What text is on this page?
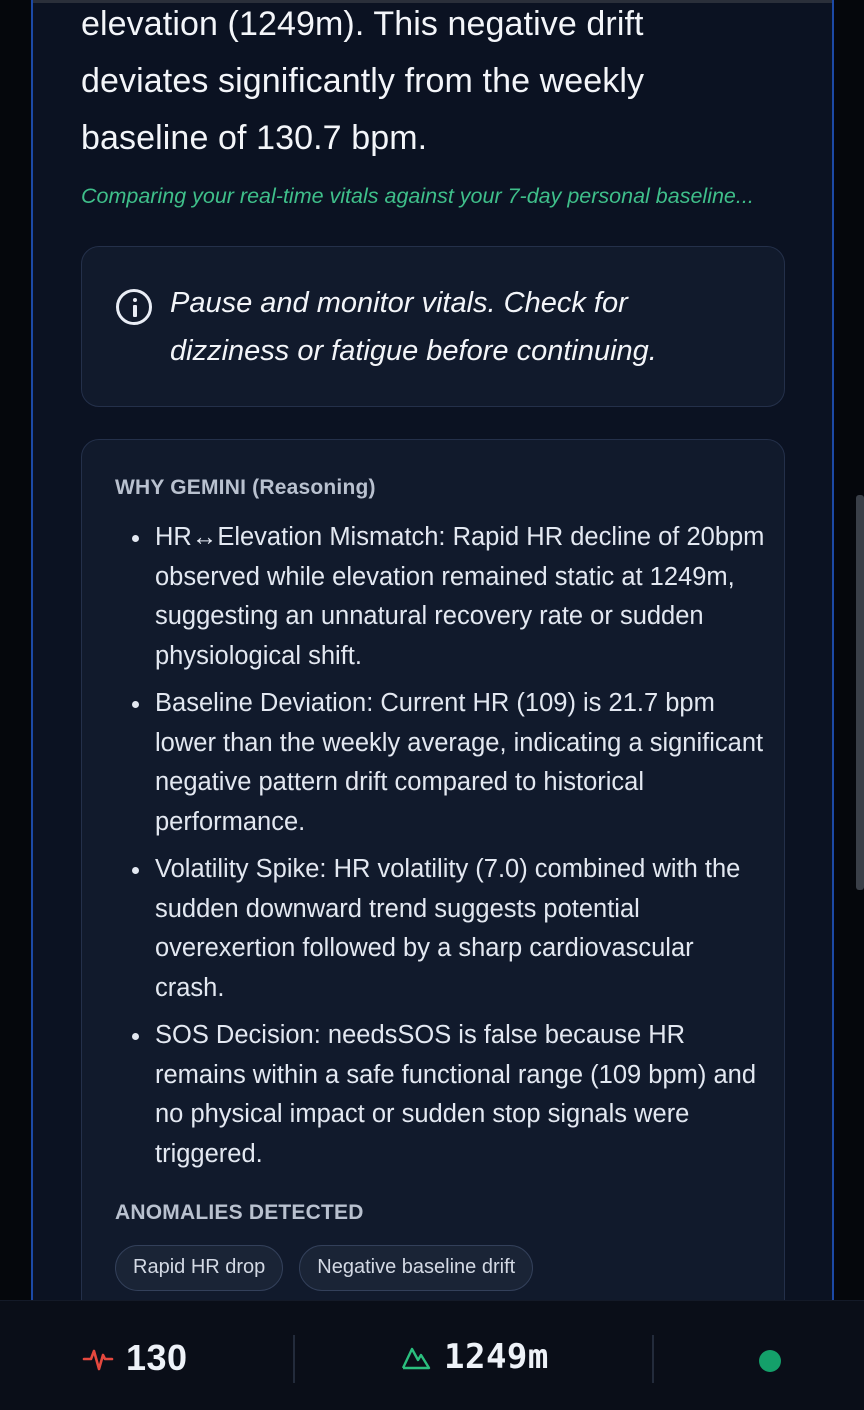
elevation (1249m). This negative drift
deviates significantly from the weekly
baseline of 130.7 bpm.
Comparing your real-time vitals against your 7-day personal baseline...
Pause and monitor vitals. Check for dizziness or fatigue before continuing.
WHY GEMINI (Reasoning)
HR↔Elevation Mismatch: Rapid HR decline of 20bpm observed while elevation remained static at 1249m, suggesting an unnatural recovery rate or sudden physiological shift.
Baseline Deviation: Current HR (109) is 21.7 bpm lower than the weekly average, indicating a significant negative pattern drift compared to historical performance.
Volatility Spike: HR volatility (7.0) combined with the sudden downward trend suggests potential overexertion followed by a sharp cardiovascular crash.
SOS Decision: needsSOS is false because HR remains within a safe functional range (109 bpm) and no physical impact or sudden stop signals were triggered.
ANOMALIES DETECTED
Rapid HR drop	Negative baseline drift
130	1249m
